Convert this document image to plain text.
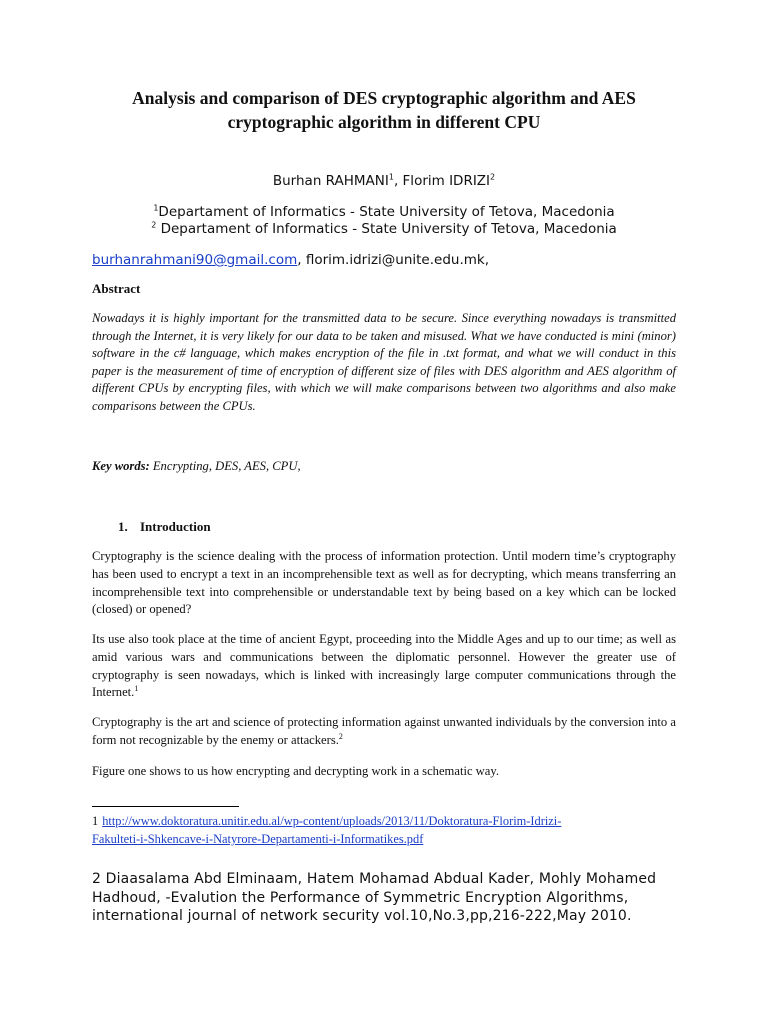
Analysis and comparison of DES cryptographic algorithm and AES
cryptographic algorithm in different CPU
Burhan RAHMANI$^1$, Florim IDRIZI$^2$
$^1$Departament of Informatics - State University of Tetova, Macedonia
$^2$ Departament of Informatics - State University of Tetova, Macedonia
burhanrahmani90@gmail.com, florim.idrizi@unite.edu.mk,
Abstract

Nowadays it is highly important for the transmitted data to be secure. Since everything nowadays is transmitted through the Internet, it is very likely for our data to be taken and misused. What we have conducted is mini (minor) software in the c# language, which makes encryption of the file in .txt format, and what we will conduct in this paper is the measurement of time of encryption of different size of files with DES algorithm and AES algorithm of different CPUs by encrypting files, with which we will make comparisons between two algorithms and also make comparisons between the CPUs.

Key words: Encrypting, DES, AES, CPU,
1. Introduction

Cryptography is the science dealing with the process of information protection. Until modern time’s cryptography has been used to encrypt a text in an incomprehensible text as well as for decrypting, which means transferring an incomprehensible text into comprehensible or understandable text by being based on a key which can be locked (closed) or opened?

Its use also took place at the time of ancient Egypt, proceeding into the Middle Ages and up to our time; as well as amid various wars and communications between the diplomatic personnel. However the greater use of cryptography is seen nowadays, which is linked with increasingly large computer communications through the Internet.$^1$

Cryptography is the art and science of protecting information against unwanted individuals by the conversion into a form not recognizable by the enemy or attackers.$^2$

Figure one shows to us how encrypting and decrypting work in a schematic way.

1 http://www.doktoratura.unitir.edu.al/wp-content/uploads/2013/11/Doktoratura-Florim-Idrizi-
Fakulteti-i-Shkencave-i-Natyrore-Departamenti-i-Informatikes.pdf
2 Diaasalama Abd Elminaam, Hatem Mohamad Abdual Kader, Mohly Mohamed
Hadhoud, -Evalution the Performance of Symmetric Encryption Algorithms,
international journal of network security vol.10,No.3,pp,216-222,May 2010.
